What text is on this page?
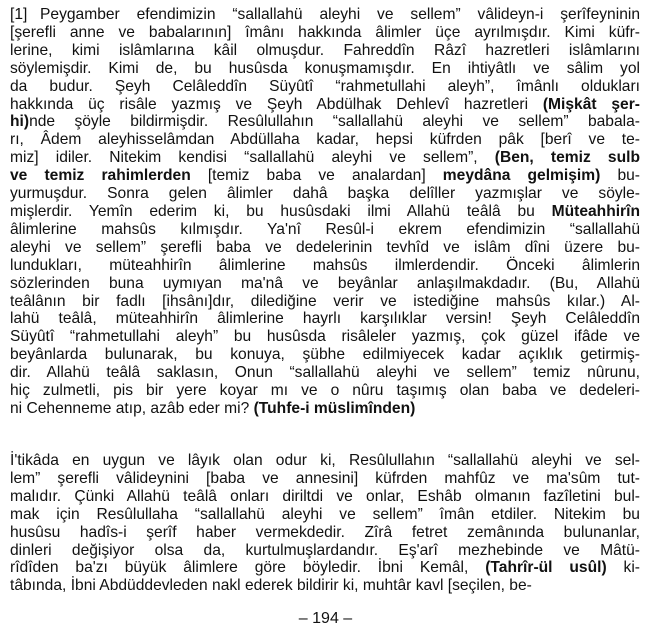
[1] Peygamber efendimizin “sallallahü aleyhi ve sellem” vâlideyn-i şerîfeyninin
[şerefli anne ve babalarının] îmânı hakkında âlimler üçe ayrılmışdır. Kimi küfr-
lerine, kimi islâmlarına kâil olmuşdur. Fahreddîn Râzî hazretleri islâmlarını
söylemişdir. Kimi de, bu husûsda konuşmamışdır. En ihtiyâtlı ve sâlim yol
da budur. Şeyh Celâleddîn Süyûtî “rahmetullahi aleyh”, îmânlı oldukları
hakkında üç risâle yazmış ve Şeyh Abdülhak Dehlevî hazretleri (Mişkât şer-
hi)nde şöyle bildirmişdir. Resûlullahın “sallallahü aleyhi ve sellem” babala-
rı, Âdem aleyhisselâmdan Abdüllaha kadar, hepsi küfrden pâk [berî ve te-
miz] idiler. Nitekim kendisi “sallallahü aleyhi ve sellem”, (Ben, temiz sulb
ve temiz rahimlerden [temiz baba ve analardan] meydâna gelmişim) bu-
yurmuşdur. Sonra gelen âlimler dahâ başka delîller yazmışlar ve söyle-
mişlerdir. Yemîn ederim ki, bu husûsdaki ilmi Allahü teâlâ bu Müteahhirîn
âlimlerine mahsûs kılmışdır. Ya'nî Resûl-i ekrem efendimizin “sallallahü
aleyhi ve sellem” şerefli baba ve dedelerinin tevhîd ve islâm dîni üzere bu-
lundukları, müteahhirîn âlimlerine mahsûs ilmlerdendir. Önceki âlimlerin
sözlerinden buna uymıyan ma'nâ ve beyânlar anlaşılmakdadır. (Bu, Allahü
teâlânın bir fadlı [ihsânı]dır, dilediğine verir ve istediğine mahsûs kılar.) Al-
lahü teâlâ, müteahhirîn âlimlerine hayrlı karşılıklar versin! Şeyh Celâleddîn
Süyûtî “rahmetullahi aleyh” bu husûsda risâleler yazmış, çok güzel ifâde ve
beyânlarda bulunarak, bu konuya, şübhe edilmiyecek kadar açıklık getirmiş-
dir. Allahü teâlâ saklasın, Onun “sallallahü aleyhi ve sellem” temiz nûrunu,
hiç zulmetli, pis bir yere koyar mı ve o nûru taşımış olan baba ve dedeleri-
ni Cehenneme atıp, azâb eder mi? (Tuhfe-i müslimînden)
İ'tikâda en uygun ve lâyık olan odur ki, Resûlullahın “sallallahü aleyhi ve sel-
lem” şerefli vâlideynini [baba ve annesini] küfrden mahfûz ve ma'sûm tut-
malıdır. Çünki Allahü teâlâ onları diriltdi ve onlar, Eshâb olmanın fazîletini bul-
mak için Resûlullaha “sallallahü aleyhi ve sellem” îmân etdiler. Nitekim bu
husûsu hadîs-i şerîf haber vermekdedir. Zîrâ fetret zemânında bulunanlar,
dinleri değişiyor olsa da, kurtulmuşlardandır. Eş'arî mezhebinde ve Mâtü-
rîdîden ba'zı büyük âlimlere göre böyledir. İbni Kemâl, (Tahrîr-ül usûl) ki-
tâbında, İbni Abdüddevleden nakl ederek bildirir ki, muhtâr kavl [seçilen, be-
– 194 –
